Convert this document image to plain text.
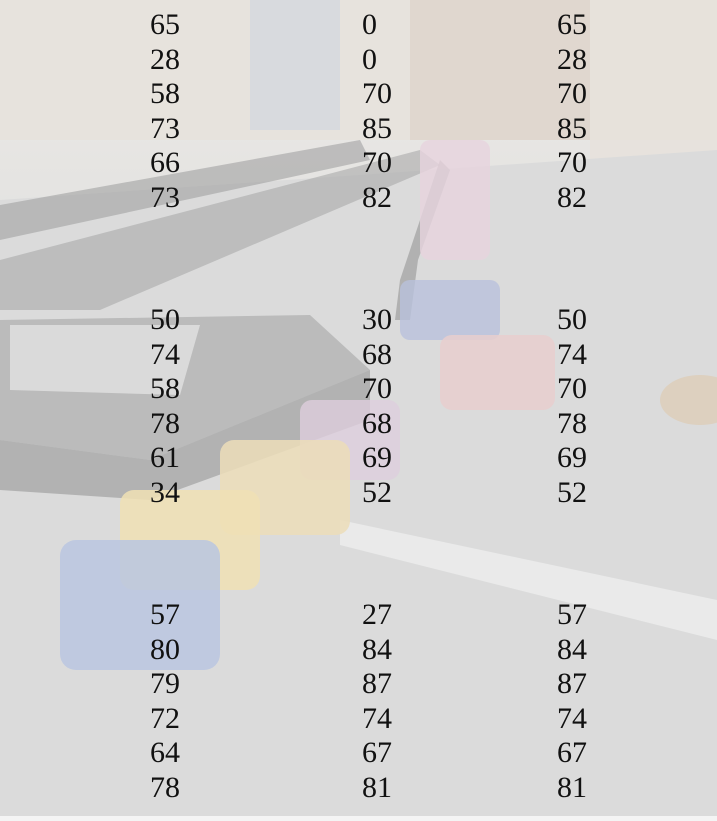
65	0	65
28	0	28
58	70	70
73	85	85
66	70	70
73	82	82
50	30	50
74	68	74
58	70	70
78	68	78
61	69	69
34	52	52
57	27	57
80	84	84
79	87	87
72	74	74
64	67	67
78	81	81
